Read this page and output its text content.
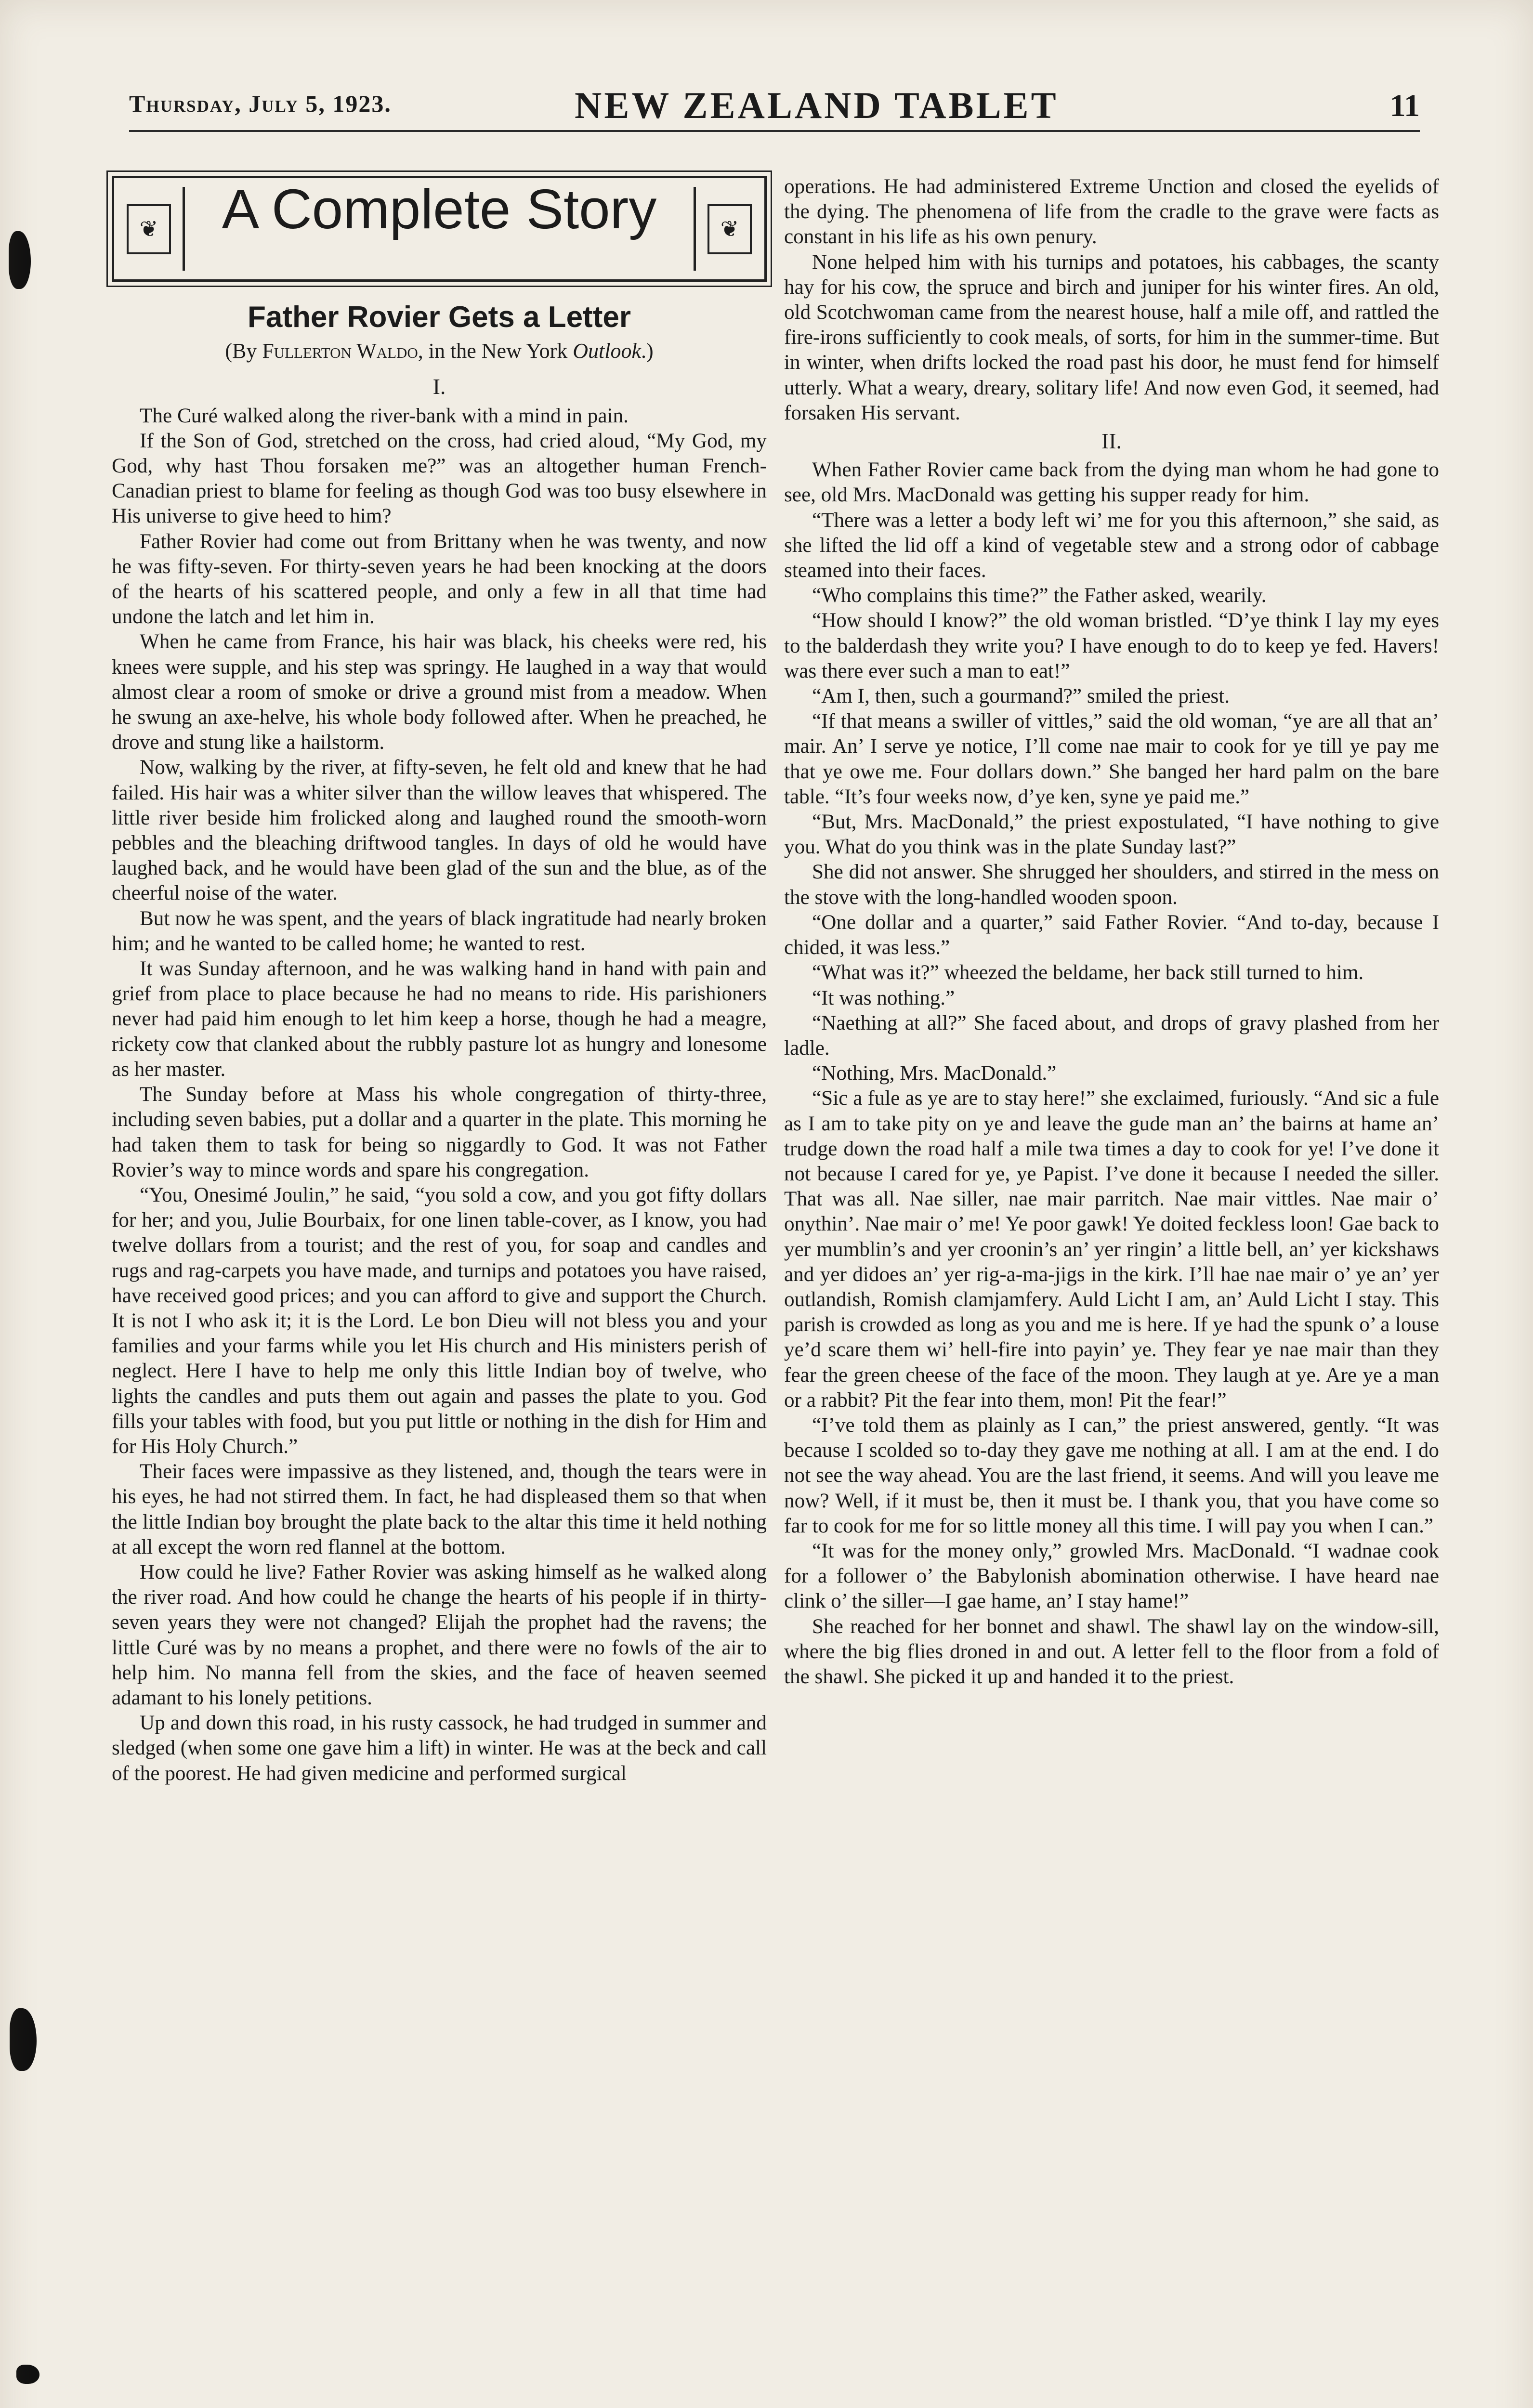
Thursday, July 5, 1923.	NEW ZEALAND TABLET	11
❦	A Complete Story	❦
Father Rovier Gets a Letter
(By Fullerton Waldo, in the New York Outlook.)

I.

The Curé walked along the river-bank with a mind in pain.

If the Son of God, stretched on the cross, had cried aloud, “My God, my God, why hast Thou forsaken me?” was an altogether human French-Canadian priest to blame for feeling as though God was too busy elsewhere in His universe to give heed to him?

Father Rovier had come out from Brittany when he was twenty, and now he was fifty-seven. For thirty-seven years he had been knocking at the doors of the hearts of his scattered people, and only a few in all that time had undone the latch and let him in.

When he came from France, his hair was black, his cheeks were red, his knees were supple, and his step was springy. He laughed in a way that would almost clear a room of smoke or drive a ground mist from a meadow. When he swung an axe-helve, his whole body followed after. When he preached, he drove and stung like a hailstorm.

Now, walking by the river, at fifty-seven, he felt old and knew that he had failed. His hair was a whiter silver than the willow leaves that whispered. The little river beside him frolicked along and laughed round the smooth-worn pebbles and the bleaching driftwood tangles. In days of old he would have laughed back, and he would have been glad of the sun and the blue, as of the cheerful noise of the water.

But now he was spent, and the years of black ingratitude had nearly broken him; and he wanted to be called home; he wanted to rest.

It was Sunday afternoon, and he was walking hand in hand with pain and grief from place to place because he had no means to ride. His parishioners never had paid him enough to let him keep a horse, though he had a meagre, rickety cow that clanked about the rubbly pasture lot as hungry and lonesome as her master.

The Sunday before at Mass his whole congregation of thirty-three, including seven babies, put a dollar and a quarter in the plate. This morning he had taken them to task for being so niggardly to God. It was not Father Rovier’s way to mince words and spare his congregation.

“You, Onesimé Joulin,” he said, “you sold a cow, and you got fifty dollars for her; and you, Julie Bourbaix, for one linen table-cover, as I know, you had twelve dollars from a tourist; and the rest of you, for soap and candles and rugs and rag-carpets you have made, and turnips and potatoes you have raised, have received good prices; and you can afford to give and support the Church. It is not I who ask it; it is the Lord. Le bon Dieu will not bless you and your families and your farms while you let His church and His ministers perish of neglect. Here I have to help me only this little Indian boy of twelve, who lights the candles and puts them out again and passes the plate to you. God fills your tables with food, but you put little or nothing in the dish for Him and for His Holy Church.”

Their faces were impassive as they listened, and, though the tears were in his eyes, he had not stirred them. In fact, he had displeased them so that when the little Indian boy brought the plate back to the altar this time it held nothing at all except the worn red flannel at the bottom.

How could he live? Father Rovier was asking himself as he walked along the river road. And how could he change the hearts of his people if in thirty-seven years they were not changed? Elijah the prophet had the ravens; the little Curé was by no means a prophet, and there were no fowls of the air to help him. No manna fell from the skies, and the face of heaven seemed adamant to his lonely petitions.

Up and down this road, in his rusty cassock, he had trudged in summer and sledged (when some one gave him a lift) in winter. He was at the beck and call of the poorest. He had given medicine and performed surgical

operations. He had administered Extreme Unction and closed the eyelids of the dying. The phenomena of life from the cradle to the grave were facts as constant in his life as his own penury.

None helped him with his turnips and potatoes, his cabbages, the scanty hay for his cow, the spruce and birch and juniper for his winter fires. An old, old Scotchwoman came from the nearest house, half a mile off, and rattled the fire-irons sufficiently to cook meals, of sorts, for him in the summer-time. But in winter, when drifts locked the road past his door, he must fend for himself utterly. What a weary, dreary, solitary life! And now even God, it seemed, had forsaken His servant.

II.

When Father Rovier came back from the dying man whom he had gone to see, old Mrs. MacDonald was getting his supper ready for him.

“There was a letter a body left wi’ me for you this afternoon,” she said, as she lifted the lid off a kind of vegetable stew and a strong odor of cabbage steamed into their faces.

“Who complains this time?” the Father asked, wearily.

“How should I know?” the old woman bristled. “D’ye think I lay my eyes to the balderdash they write you? I have enough to do to keep ye fed. Havers! was there ever such a man to eat!”

“Am I, then, such a gourmand?” smiled the priest.

“If that means a swiller of vittles,” said the old woman, “ye are all that an’ mair. An’ I serve ye notice, I’ll come nae mair to cook for ye till ye pay me that ye owe me. Four dollars down.” She banged her hard palm on the bare table. “It’s four weeks now, d’ye ken, syne ye paid me.”

“But, Mrs. MacDonald,” the priest expostulated, “I have nothing to give you. What do you think was in the plate Sunday last?”

She did not answer. She shrugged her shoulders, and stirred in the mess on the stove with the long-handled wooden spoon.

“One dollar and a quarter,” said Father Rovier. “And to-day, because I chided, it was less.”

“What was it?” wheezed the beldame, her back still turned to him.

“It was nothing.”

“Naething at all?” She faced about, and drops of gravy plashed from her ladle.

“Nothing, Mrs. MacDonald.”

“Sic a fule as ye are to stay here!” she exclaimed, furiously. “And sic a fule as I am to take pity on ye and leave the gude man an’ the bairns at hame an’ trudge down the road half a mile twa times a day to cook for ye! I’ve done it not because I cared for ye, ye Papist. I’ve done it because I needed the siller. That was all. Nae siller, nae mair parritch. Nae mair vittles. Nae mair o’ onythin’. Nae mair o’ me! Ye poor gawk! Ye doited feckless loon! Gae back to yer mumblin’s and yer croonin’s an’ yer ringin’ a little bell, an’ yer kickshaws and yer didoes an’ yer rig-a-ma-jigs in the kirk. I’ll hae nae mair o’ ye an’ yer outlandish, Romish clamjamfery. Auld Licht I am, an’ Auld Licht I stay. This parish is crowded as long as you and me is here. If ye had the spunk o’ a louse ye’d scare them wi’ hell-fire into payin’ ye. They fear ye nae mair than they fear the green cheese of the face of the moon. They laugh at ye. Are ye a man or a rabbit? Pit the fear into them, mon! Pit the fear!”

“I’ve told them as plainly as I can,” the priest answered, gently. “It was because I scolded so to-day they gave me nothing at all. I am at the end. I do not see the way ahead. You are the last friend, it seems. And will you leave me now? Well, if it must be, then it must be. I thank you, that you have come so far to cook for me for so little money all this time. I will pay you when I can.”

“It was for the money only,” growled Mrs. MacDonald. “I wadnae cook for a follower o’ the Babylonish abomination otherwise. I have heard nae clink o’ the siller—I gae hame, an’ I stay hame!”

She reached for her bonnet and shawl. The shawl lay on the window-sill, where the big flies droned in and out. A letter fell to the floor from a fold of the shawl. She picked it up and handed it to the priest.
